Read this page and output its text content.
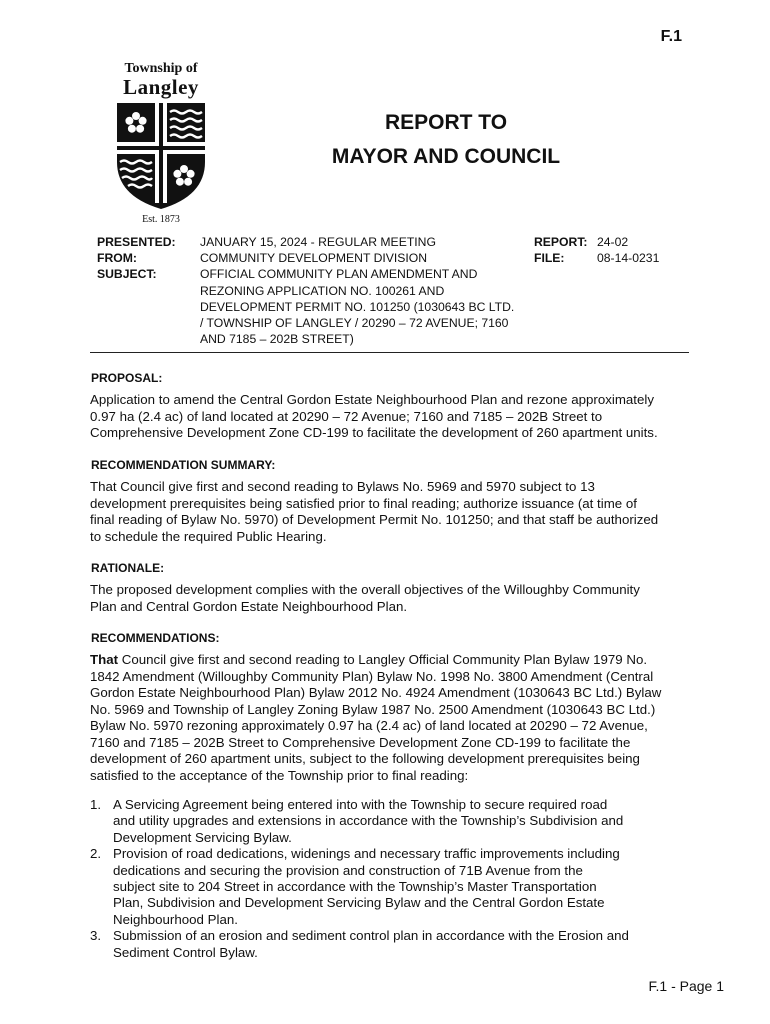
F.1
Township of
Langley
Est. 1873
REPORT TO
MAYOR AND COUNCIL
PRESENTED:
FROM:
SUBJECT:
JANUARY 15, 2024 - REGULAR MEETING
COMMUNITY DEVELOPMENT DIVISION
OFFICIAL COMMUNITY PLAN AMENDMENT AND
REZONING APPLICATION NO. 100261 AND
DEVELOPMENT PERMIT NO. 101250 (1030643 BC LTD.
/ TOWNSHIP OF LANGLEY / 20290 – 72 AVENUE; 7160
AND 7185 – 202B STREET)
REPORT:
FILE:
24-02
08-14-0231
PROPOSAL:
Application to amend the Central Gordon Estate Neighbourhood Plan and rezone approximately
0.97 ha (2.4 ac) of land located at 20290 – 72 Avenue; 7160 and 7185 – 202B Street to
Comprehensive Development Zone CD-199 to facilitate the development of 260 apartment units.
RECOMMENDATION SUMMARY:
That Council give first and second reading to Bylaws No. 5969 and 5970 subject to 13
development prerequisites being satisfied prior to final reading; authorize issuance (at time of
final reading of Bylaw No. 5970) of Development Permit No. 101250; and that staff be authorized
to schedule the required Public Hearing.
RATIONALE:
The proposed development complies with the overall objectives of the Willoughby Community
Plan and Central Gordon Estate Neighbourhood Plan.
RECOMMENDATIONS:
That Council give first and second reading to Langley Official Community Plan Bylaw 1979 No.
1842 Amendment (Willoughby Community Plan) Bylaw No. 1998 No. 3800 Amendment (Central
Gordon Estate Neighbourhood Plan) Bylaw 2012 No. 4924 Amendment (1030643 BC Ltd.) Bylaw
No. 5969 and Township of Langley Zoning Bylaw 1987 No. 2500 Amendment (1030643 BC Ltd.)
Bylaw No. 5970 rezoning approximately 0.97 ha (2.4 ac) of land located at 20290 – 72 Avenue,
7160 and 7185 – 202B Street to Comprehensive Development Zone CD-199 to facilitate the
development of 260 apartment units, subject to the following development prerequisites being
satisfied to the acceptance of the Township prior to final reading:
1. A Servicing Agreement being entered into with the Township to secure required road
and utility upgrades and extensions in accordance with the Township’s Subdivision and
Development Servicing Bylaw.
2. Provision of road dedications, widenings and necessary traffic improvements including
dedications and securing the provision and construction of 71B Avenue from the
subject site to 204 Street in accordance with the Township’s Master Transportation
Plan, Subdivision and Development Servicing Bylaw and the Central Gordon Estate
Neighbourhood Plan.
3. Submission of an erosion and sediment control plan in accordance with the Erosion and
Sediment Control Bylaw.
F.1 - Page 1
